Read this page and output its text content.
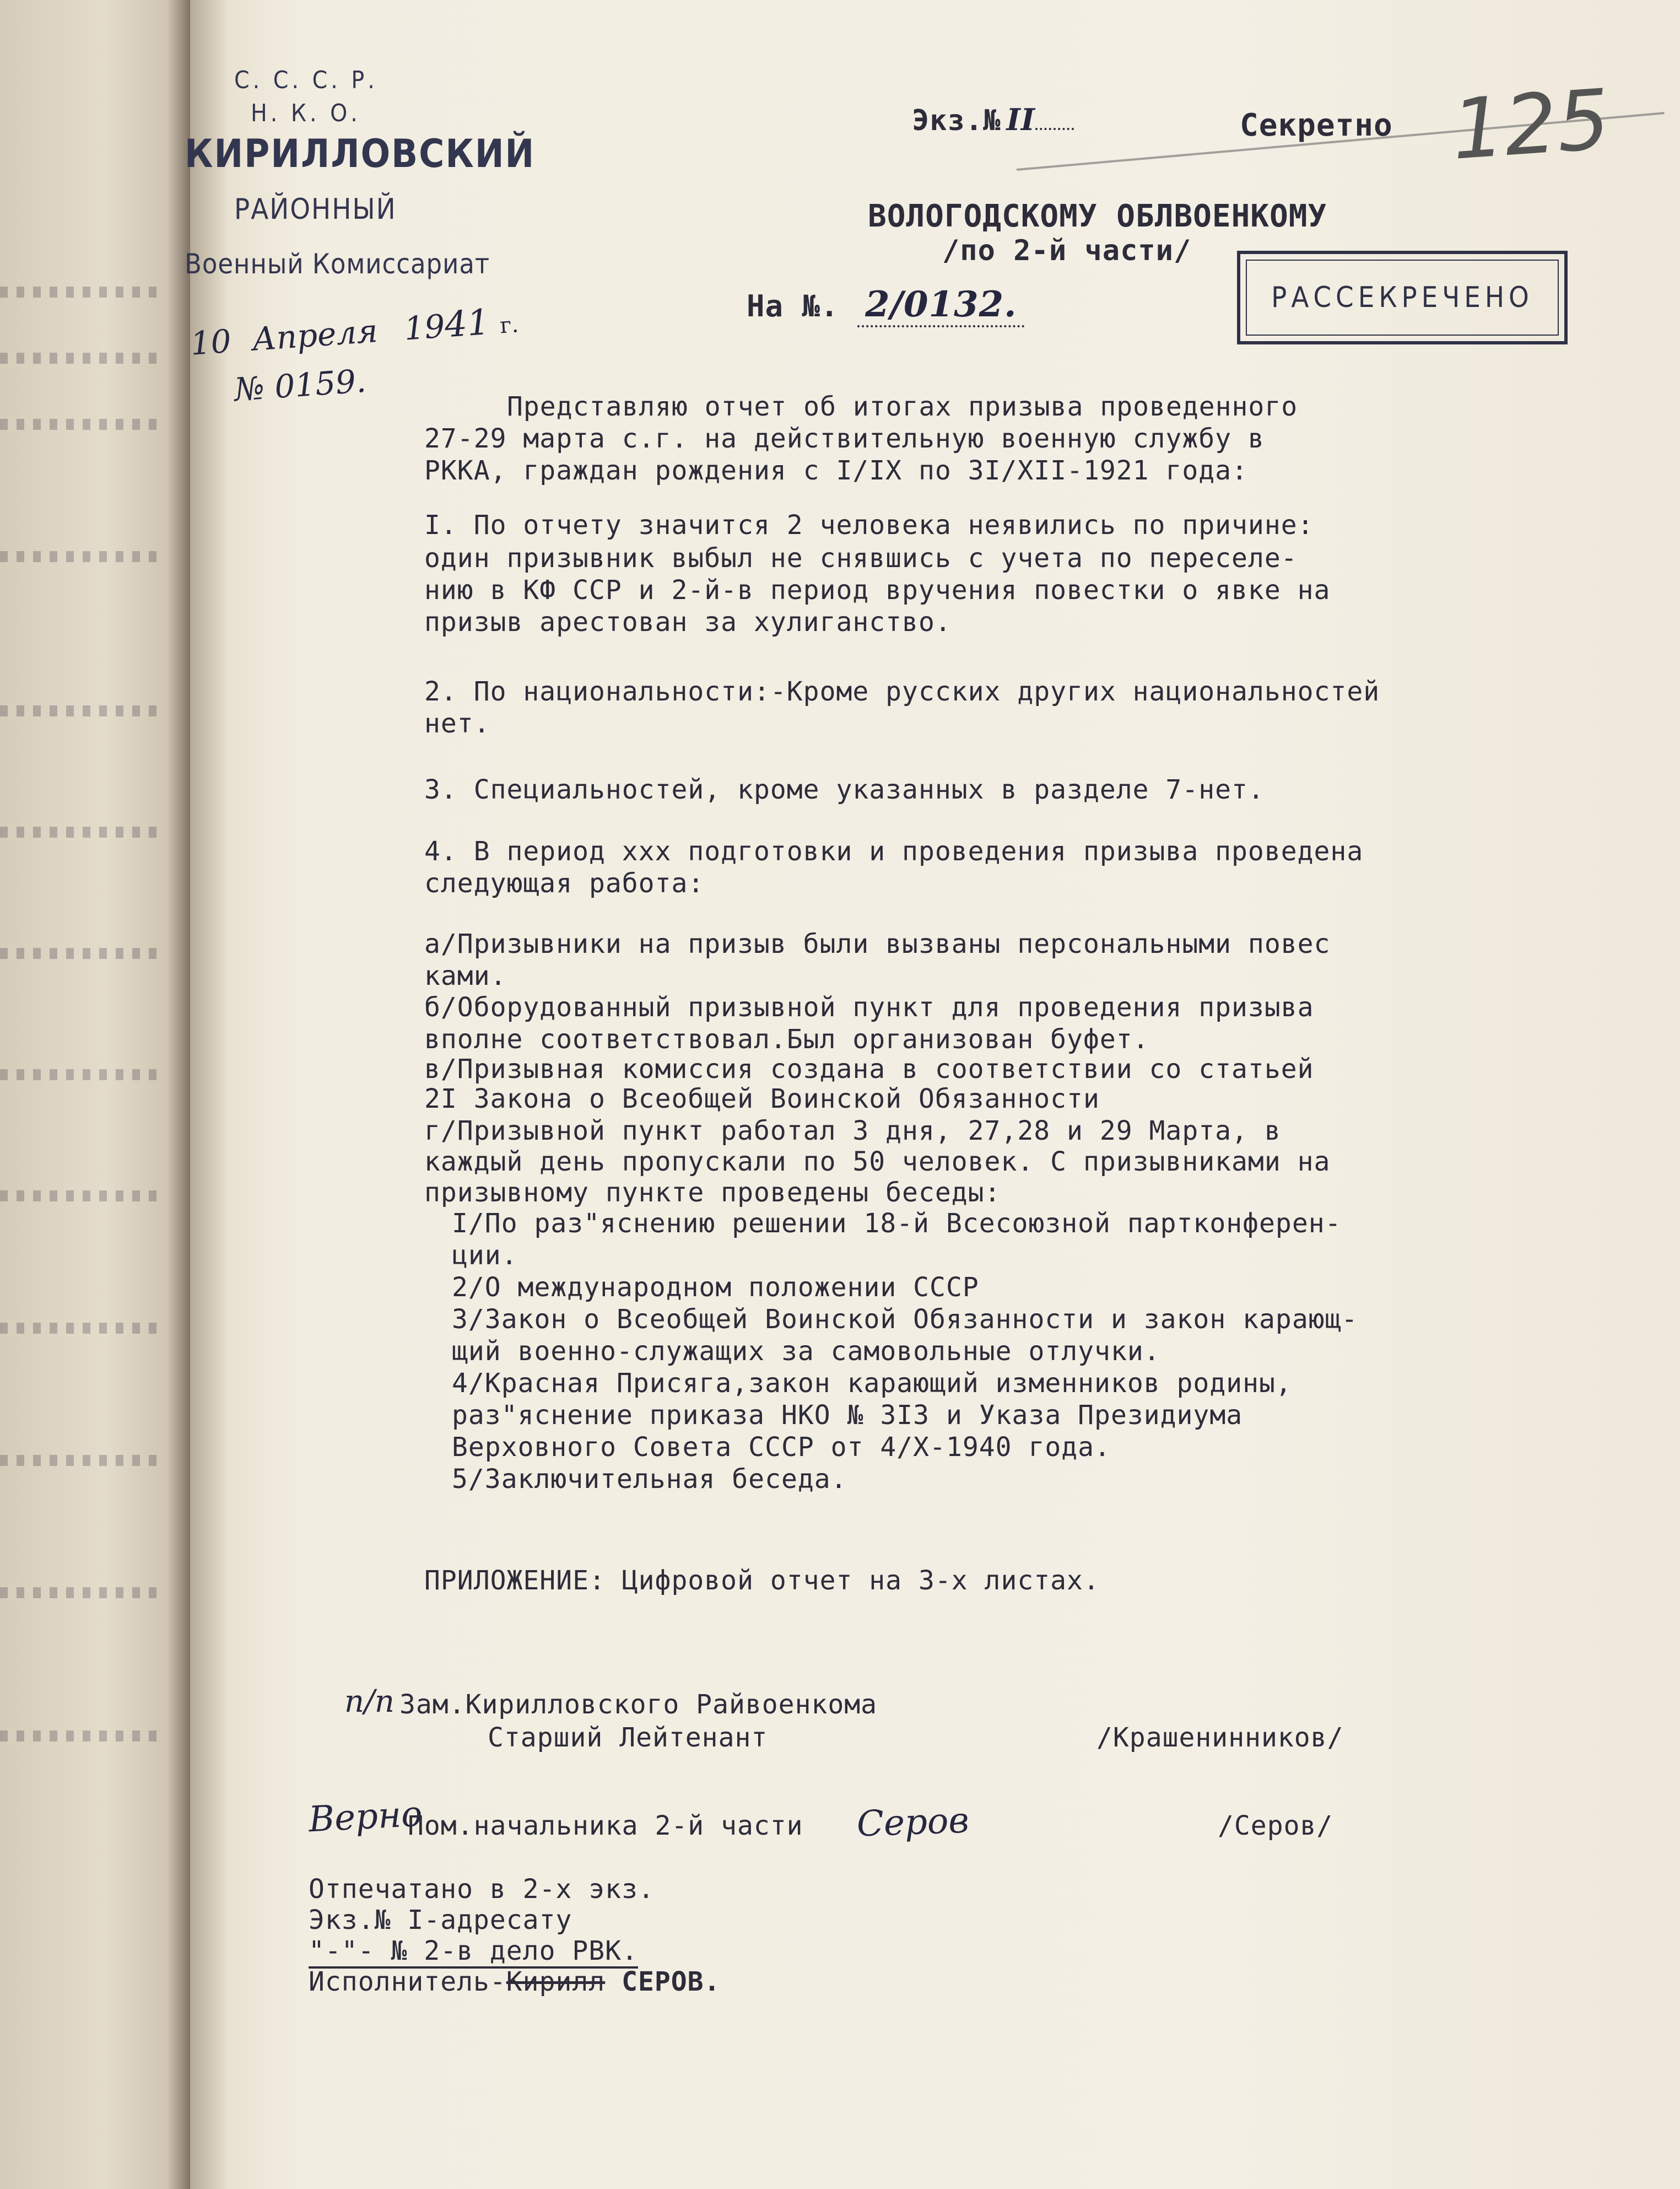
С. С. С. Р.
Н. К. О.
КИРИЛЛОВСКИЙ
РАЙОННЫЙ
Военный Комиссариат
10 Апреля 1941 г.
№ 0159.
Экз.№ II	Секретно 125
ВОЛОГОДСКОМУ ОБЛВОЕНКОМУ
/по 2-й части/
РАССЕКРЕЧЕНО
На №. 2/0132.
Представляю отчет об итогах призыва проведенного
27-29 марта с.г. на действительную военную службу в
РККА, граждан рождения с I/IX по 3I/XII-1921 года:
I. По отчету значится 2 человека неявились по причине:
один призывник выбыл не снявшись с учета по переселе-
нию в КФ ССР и 2-й-в период вручения повестки о явке на
призыв арестован за хулиганство.
2. По национальности:-Кроме русских других национальностей
нет.
3. Специальностей, кроме указанных в разделе 7-нет.
4. В период ххх подготовки и проведения призыва проведена
следующая работа:
а/Призывники на призыв были вызваны персональными повес
ками.
б/Оборудованный призывной пункт для проведения призыва
вполне соответствовал.Был организован буфет.
в/Призывная комиссия создана в соответствии со статьей
2I Закона о Всеобщей Воинской Обязанности
г/Призывной пункт работал 3 дня, 27,28 и 29 Марта, в
каждый день пропускали по 50 человек. С призывниками на
призывному пункте проведены беседы:
I/По раз"яснению решении 18-й Всесоюзной партконферен-
ции.
2/О международном положении СССР
3/Закон о Всеобщей Воинской Обязанности и закон карающ-
щий военно-служащих за самовольные отлучки.
4/Красная Присяга,закон карающий изменников родины,
раз"яснение приказа НКО № 3I3 и Указа Президиума
Верховного Совета СССР от 4/Х-1940 года.
5/Заключительная беседа.
ПРИЛОЖЕНИЕ: Цифровой отчет на 3-х листах.
п/п Зам.Кирилловского Райвоенкома
Старший Лейтенант	/Крашенинников/
Верно
Пом.начальника 2-й части Серов	/Серов/
Отпечатано в 2-х экз.
Экз.№ I-адресату
"-"- № 2-в дело РВК.
Исполнитель-Кирилл СЕРОВ.
